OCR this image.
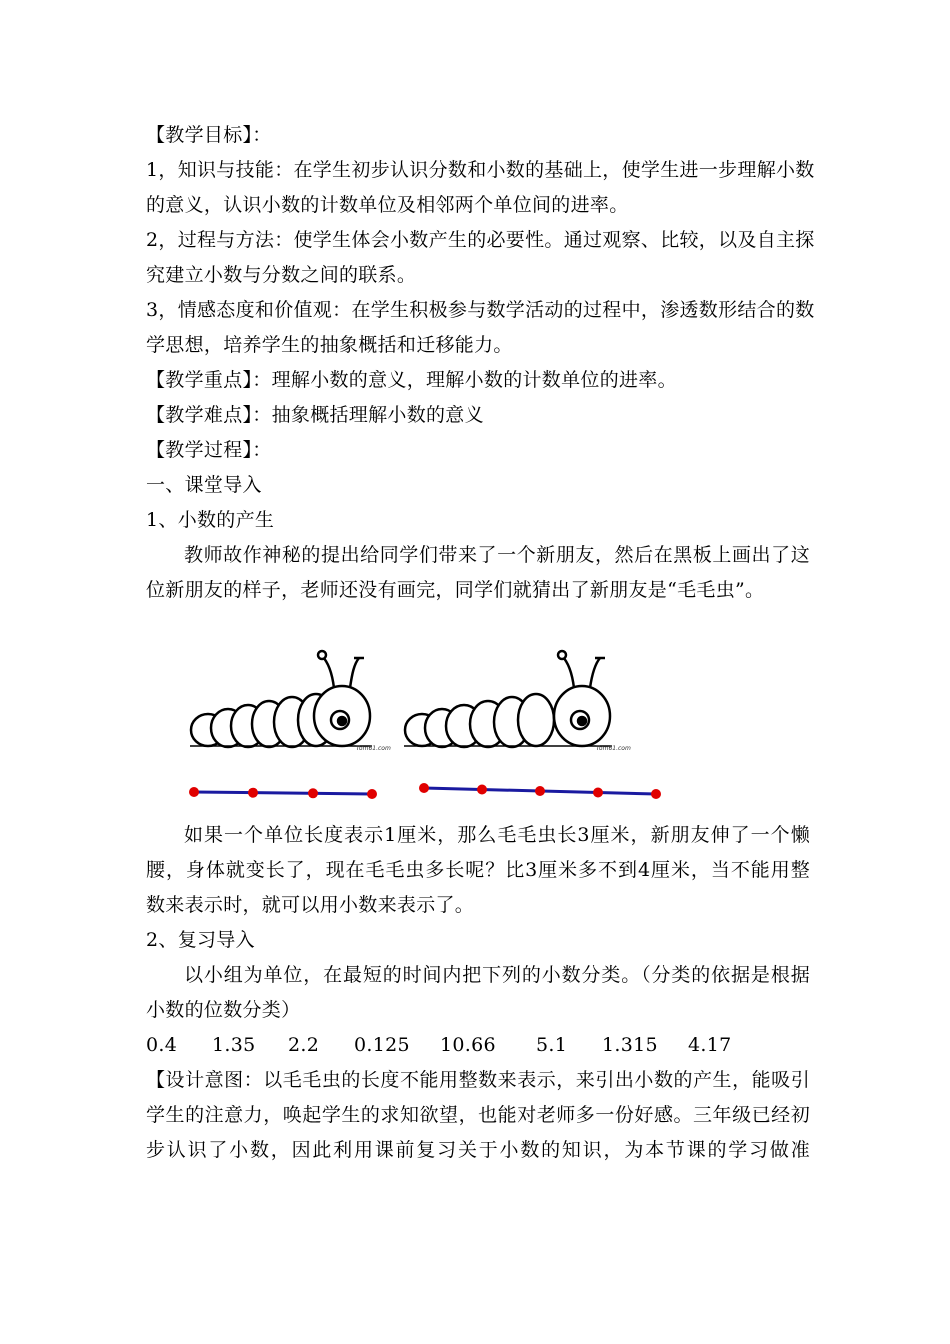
【教学目标】：
1，知识与技能：在学生初步认识分数和小数的基础上，使学生进一步理解小数
的意义，认识小数的计数单位及相邻两个单位间的进率。
2，过程与方法：使学生体会小数产生的必要性。通过观察、比较，以及自主探
究建立小数与分数之间的联系。
3，情感态度和价值观：在学生积极参与数学活动的过程中，渗透数形结合的数
学思想，培养学生的抽象概括和迁移能力。
【教学重点】：理解小数的意义，理解小数的计数单位的进率。
【教学难点】：抽象概括理解小数的意义
【教学过程】：
一、课堂导入
1、小数的产生
教师故作神秘的提出给同学们带来了一个新朋友，然后在黑板上画出了这
位新朋友的样子，老师还没有画完，同学们就猜出了新朋友是“毛毛虫”。
Tom61.com	Tom61.com
如果一个单位长度表示1厘米，那么毛毛虫长3厘米，新朋友伸了一个懒
腰，身体就变长了，现在毛毛虫多长呢？比3厘米多不到4厘米，当不能用整
数来表示时，就可以用小数来表示了。
2、复习导入
以小组为单位，在最短的时间内把下列的小数分类。（分类的依据是根据
小数的位数分类）
0.4	1.35	2.2	0.125	10.66	5.1	1.315	4.17
【设计意图：以毛毛虫的长度不能用整数来表示，来引出小数的产生，能吸引
学生的注意力，唤起学生的求知欲望，也能对老师多一份好感。三年级已经初
步认识了小数，因此利用课前复习关于小数的知识，为本节课的学习做准
